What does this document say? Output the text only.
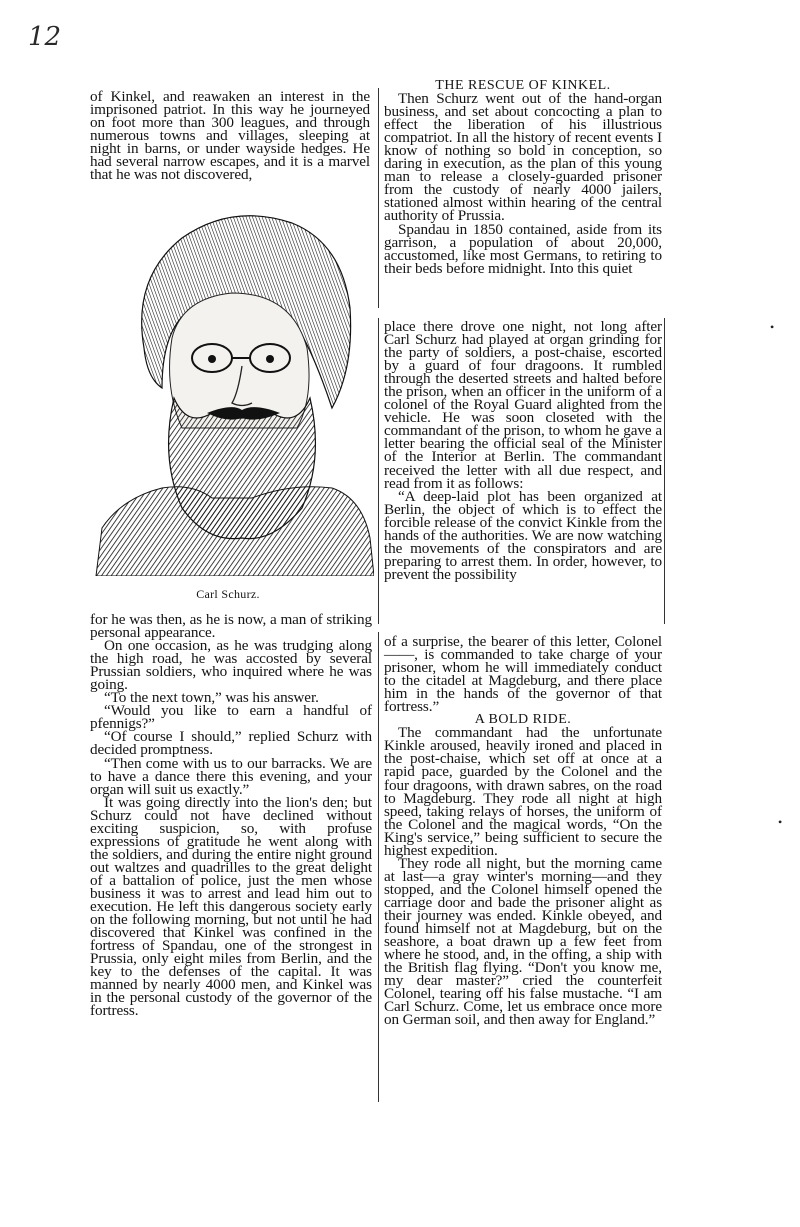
12

of Kinkel, and reawaken an interest in the imprisoned patriot. In this way he journeyed on foot more than 300 leagues, and through numerous towns and villages, sleeping at night in barns, or under wayside hedges. He had several narrow escapes, and it is a marvel that he was not discovered,

Carl Schurz.

for he was then, as he is now, a man of striking personal appearance.

On one occasion, as he was trudging along the high road, he was accosted by several Prussian soldiers, who inquired where he was going.

“To the next town,” was his answer.

“Would you like to earn a handful of pfennigs?”

“Of course I should,” replied Schurz with decided promptness.

“Then come with us to our barracks. We are to have a dance there this evening, and your organ will suit us exactly.”

It was going directly into the lion's den; but Schurz could not have declined without exciting suspicion, so, with profuse expressions of gratitude he went along with the soldiers, and during the entire night ground out waltzes and quadrilles to the great delight of a battalion of police, just the men whose business it was to arrest and lead him out to execution. He left this dangerous society early on the following morning, but not until he had discovered that Kinkel was confined in the fortress of Spandau, one of the strongest in Prussia, only eight miles from Berlin, and the key to the defenses of the capital. It was manned by nearly 4000 men, and Kinkel was in the personal custody of the governor of the fortress.

THE RESCUE OF KINKEL.

Then Schurz went out of the hand-organ business, and set about concocting a plan to effect the liberation of his illustrious compatriot. In all the history of recent events I know of nothing so bold in conception, so daring in execution, as the plan of this young man to release a closely-guarded prisoner from the custody of nearly 4000 jailers, stationed almost within hearing of the central authority of Prussia.

Spandau in 1850 contained, aside from its garrison, a population of about 20,000, accustomed, like most Germans, to retiring to their beds before midnight. Into this quiet

place there drove one night, not long after Carl Schurz had played at organ grinding for the party of soldiers, a post-chaise, escorted by a guard of four dragoons. It rumbled through the deserted streets and halted before the prison, when an officer in the uniform of a colonel of the Royal Guard alighted from the vehicle. He was soon closeted with the commandant of the prison, to whom he gave a letter bearing the official seal of the Minister of the Interior at Berlin. The commandant received the letter with all due respect, and read from it as follows:

“A deep-laid plot has been organized at Berlin, the object of which is to effect the forcible release of the convict Kinkle from the hands of the authorities. We are now watching the movements of the conspirators and are preparing to arrest them. In order, however, to prevent the possibility

of a surprise, the bearer of this letter, Colonel ——, is commanded to take charge of your prisoner, whom he will immediately conduct to the citadel at Magdeburg, and there place him in the hands of the governor of that fortress.”

A BOLD RIDE.

The commandant had the unfortunate Kinkle aroused, heavily ironed and placed in the post-chaise, which set off at once at a rapid pace, guarded by the Colonel and the four dragoons, with drawn sabres, on the road to Magdeburg. They rode all night at high speed, taking relays of horses, the uniform of the Colonel and the magical words, “On the King's service,” being sufficient to secure the highest expedition.

They rode all night, but the morning came at last—a gray winter's morning—and they stopped, and the Colonel himself opened the carriage door and bade the prisoner alight as their journey was ended. Kinkle obeyed, and found himself not at Magdeburg, but on the seashore, a boat drawn up a few feet from where he stood, and, in the offing, a ship with the British flag flying. “Don't you know me, my dear master?” cried the counterfeit Colonel, tearing off his false mustache. “I am Carl Schurz. Come, let us embrace once more on German soil, and then away for England.”

•
•
